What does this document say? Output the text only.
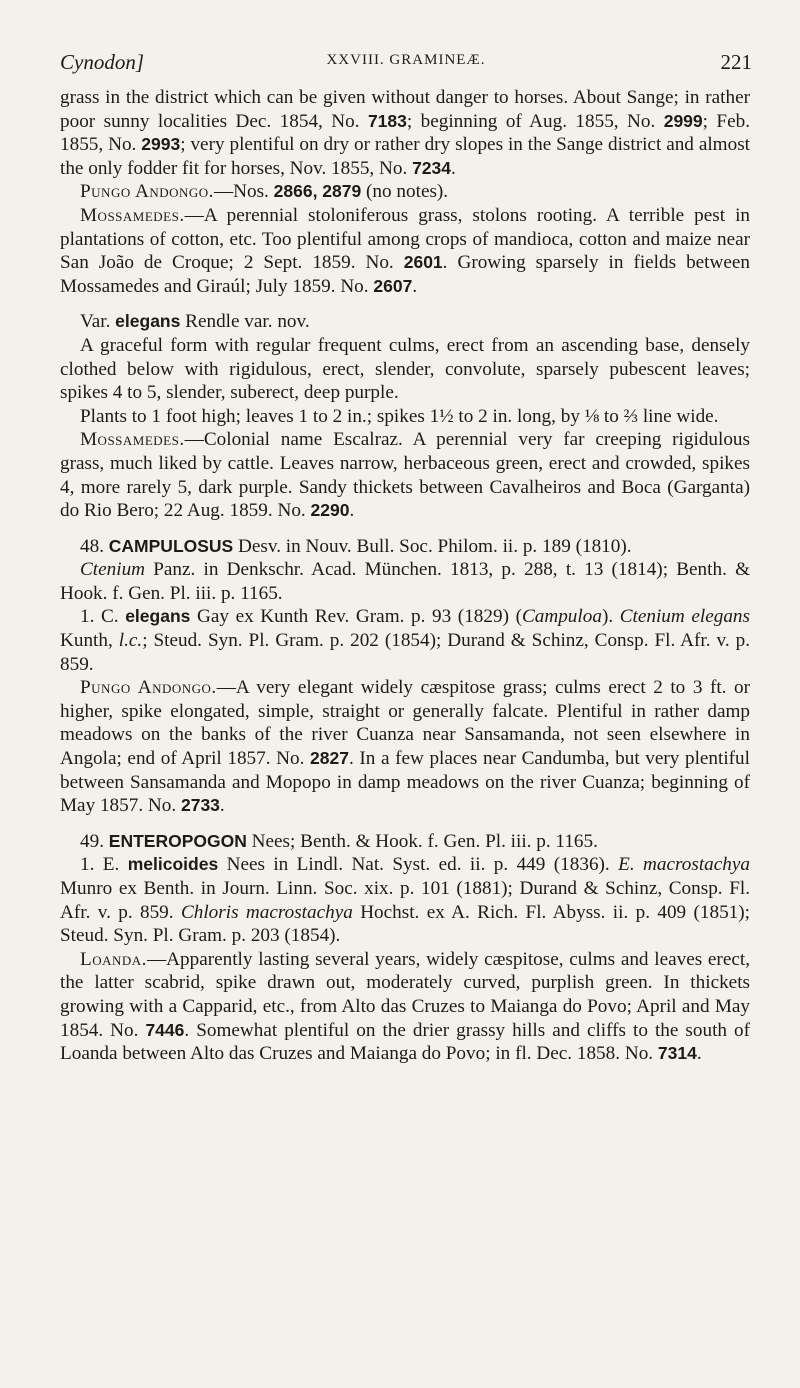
Cynodon]	XXVIII. GRAMINEÆ.	221

grass in the district which can be given without danger to horses. About Sange; in rather poor sunny localities Dec. 1854, No. 7183; beginning of Aug. 1855, No. 2999; Feb. 1855, No. 2993; very plentiful on dry or rather dry slopes in the Sange district and almost the only fodder fit for horses, Nov. 1855, No. 7234.

Pungo Andongo.—Nos. 2866, 2879 (no notes).

Mossamedes.—A perennial stoloniferous grass, stolons rooting. A terrible pest in plantations of cotton, etc. Too plentiful among crops of mandioca, cotton and maize near San João de Croque; 2 Sept. 1859. No. 2601. Growing sparsely in fields between Mossamedes and Giraúl; July 1859. No. 2607.

Var. elegans Rendle var. nov.

A graceful form with regular frequent culms, erect from an ascending base, densely clothed below with rigidulous, erect, slender, convolute, sparsely pubescent leaves; spikes 4 to 5, slender, suberect, deep purple.

Plants to 1 foot high; leaves 1 to 2 in.; spikes 1½ to 2 in. long, by ⅛ to ⅔ line wide.

Mossamedes.—Colonial name Escalraz. A perennial very far creeping rigidulous grass, much liked by cattle. Leaves narrow, herbaceous green, erect and crowded, spikes 4, more rarely 5, dark purple. Sandy thickets between Cavalheiros and Boca (Garganta) do Rio Bero; 22 Aug. 1859. No. 2290.

48. CAMPULOSUS Desv. in Nouv. Bull. Soc. Philom. ii. p. 189 (1810).

Ctenium Panz. in Denkschr. Acad. München. 1813, p. 288, t. 13 (1814); Benth. & Hook. f. Gen. Pl. iii. p. 1165.

1. C. elegans Gay ex Kunth Rev. Gram. p. 93 (1829) (Campuloa). Ctenium elegans Kunth, l.c.; Steud. Syn. Pl. Gram. p. 202 (1854); Durand & Schinz, Consp. Fl. Afr. v. p. 859.

Pungo Andongo.—A very elegant widely cæspitose grass; culms erect 2 to 3 ft. or higher, spike elongated, simple, straight or generally falcate. Plentiful in rather damp meadows on the banks of the river Cuanza near Sansamanda, not seen elsewhere in Angola; end of April 1857. No. 2827. In a few places near Candumba, but very plentiful between Sansamanda and Mopopo in damp meadows on the river Cuanza; beginning of May 1857. No. 2733.

49. ENTEROPOGON Nees; Benth. & Hook. f. Gen. Pl. iii. p. 1165.

1. E. melicoides Nees in Lindl. Nat. Syst. ed. ii. p. 449 (1836). E. macrostachya Munro ex Benth. in Journ. Linn. Soc. xix. p. 101 (1881); Durand & Schinz, Consp. Fl. Afr. v. p. 859. Chloris macrostachya Hochst. ex A. Rich. Fl. Abyss. ii. p. 409 (1851); Steud. Syn. Pl. Gram. p. 203 (1854).

Loanda.—Apparently lasting several years, widely cæspitose, culms and leaves erect, the latter scabrid, spike drawn out, moderately curved, purplish green. In thickets growing with a Capparid, etc., from Alto das Cruzes to Maianga do Povo; April and May 1854. No. 7446. Somewhat plentiful on the drier grassy hills and cliffs to the south of Loanda between Alto das Cruzes and Maianga do Povo; in fl. Dec. 1858. No. 7314.
